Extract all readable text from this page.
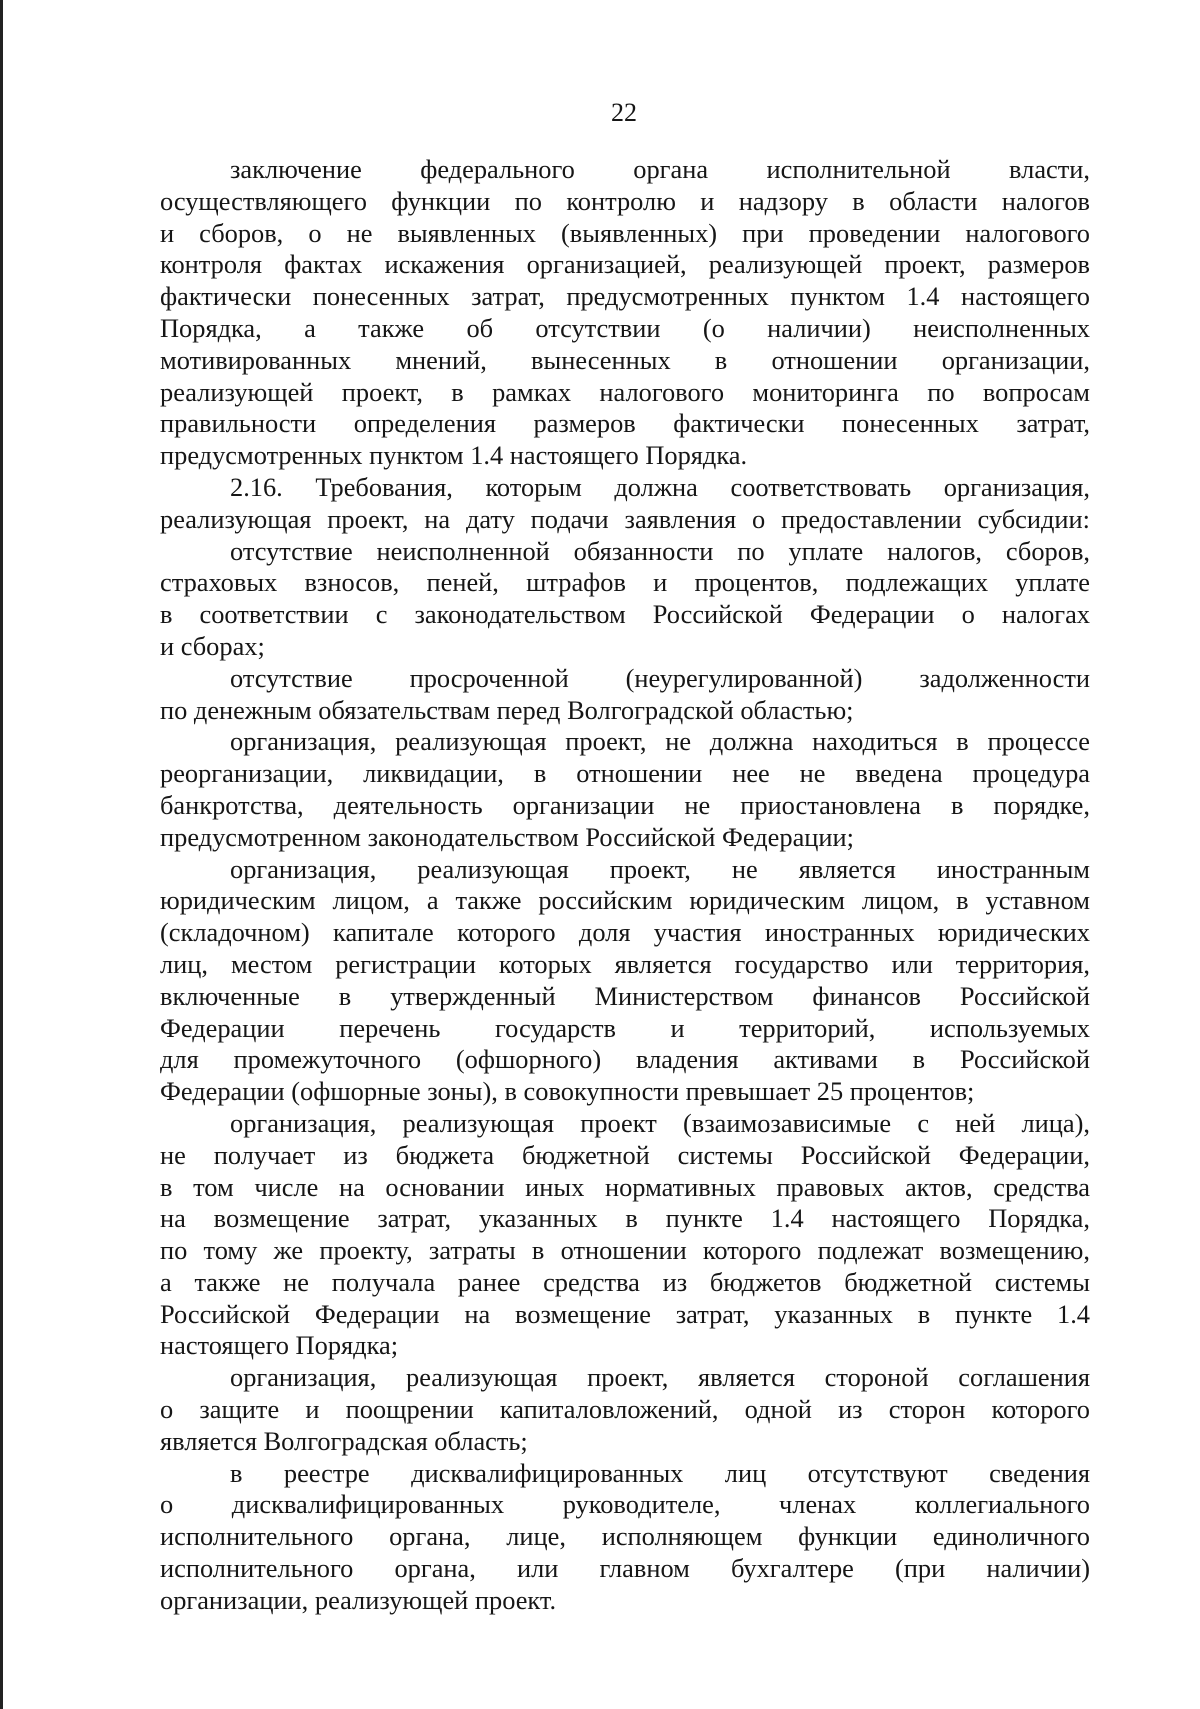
22
заключение федерального органа исполнительной власти,
осуществляющего функции по контролю и надзору в области налогов
и сборов, о не выявленных (выявленных) при проведении налогового
контроля фактах искажения организацией, реализующей проект, размеров
фактически понесенных затрат, предусмотренных пунктом 1.4 настоящего
Порядка, а также об отсутствии (о наличии) неисполненных
мотивированных мнений, вынесенных в отношении организации,
реализующей проект, в рамках налогового мониторинга по вопросам
правильности определения размеров фактически понесенных затрат,
предусмотренных пунктом 1.4 настоящего Порядка.
2.16. Требования, которым должна соответствовать организация,
реализующая проект, на дату подачи заявления о предоставлении субсидии:
отсутствие неисполненной обязанности по уплате налогов, сборов,
страховых взносов, пеней, штрафов и процентов, подлежащих уплате
в соответствии с законодательством Российской Федерации о налогах
и сборах;
отсутствие просроченной (неурегулированной) задолженности
по денежным обязательствам перед Волгоградской областью;
организация, реализующая проект, не должна находиться в процессе
реорганизации, ликвидации, в отношении нее не введена процедура
банкротства, деятельность организации не приостановлена в порядке,
предусмотренном законодательством Российской Федерации;
организация, реализующая проект, не является иностранным
юридическим лицом, а также российским юридическим лицом, в уставном
(складочном) капитале которого доля участия иностранных юридических
лиц, местом регистрации которых является государство или территория,
включенные в утвержденный Министерством финансов Российской
Федерации перечень государств и территорий, используемых
для промежуточного (офшорного) владения активами в Российской
Федерации (офшорные зоны), в совокупности превышает 25 процентов;
организация, реализующая проект (взаимозависимые с ней лица),
не получает из бюджета бюджетной системы Российской Федерации,
в том числе на основании иных нормативных правовых актов, средства
на возмещение затрат, указанных в пункте 1.4 настоящего Порядка,
по тому же проекту, затраты в отношении которого подлежат возмещению,
а также не получала ранее средства из бюджетов бюджетной системы
Российской Федерации на возмещение затрат, указанных в пункте 1.4
настоящего Порядка;
организация, реализующая проект, является стороной соглашения
о защите и поощрении капиталовложений, одной из сторон которого
является Волгоградская область;
в реестре дисквалифицированных лиц отсутствуют сведения
о дисквалифицированных руководителе, членах коллегиального
исполнительного органа, лице, исполняющем функции единоличного
исполнительного органа, или главном бухгалтере (при наличии)
организации, реализующей проект.
